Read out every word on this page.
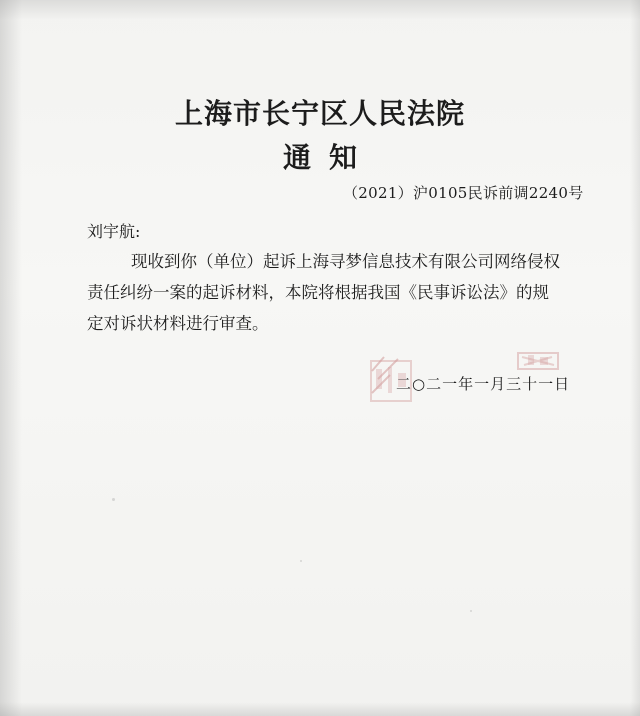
上海市长宁区人民法院
通 知
（2021）沪0105民诉前调2240号
刘宇航:

现收到你（单位）起诉上海寻梦信息技术有限公司网络侵权

责任纠纷一案的起诉材料，本院将根据我国《民事诉讼法》的规

定对诉状材料进行审查。

二○二一年一月三十一日
